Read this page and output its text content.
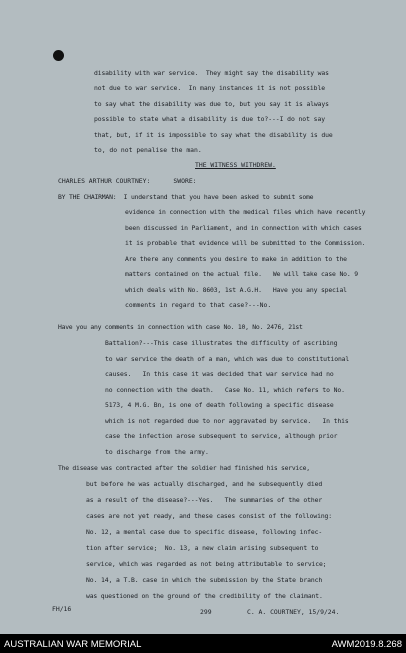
disability with war service.  They might say the disability was
not due to war service.  In many instances it is not possible
to say what the disability was due to, but you say it is always
possible to state what a disability is due to?---I do not say
that, but, if it is impossible to say what the disability is due
to, do not penalise the man.
THE WITNESS WITHDREW.
CHARLES ARTHUR COURTNEY:      SWORE:
BY THE CHAIRMAN:  I understand that you have been asked to submit some
evidence in connection with the medical files which have recently
been discussed in Parliament, and in connection with which cases
it is probable that evidence will be submitted to the Commission.
Are there any comments you desire to make in addition to the
matters contained on the actual file.   We will take case No. 9
which deals with No. 8603, 1st A.G.H.   Have you any special
comments in regard to that case?---No.
Have you any comments in connection with case No. 10, No. 2476, 21st
Battalion?---This case illustrates the difficulty of ascribing
to war service the death of a man, which was due to constitutional
causes.   In this case it was decided that war service had no
no connection with the death.   Case No. 11, which refers to No.
5173, 4 M.G. Bn, is one of death following a specific disease
which is not regarded due to nor aggravated by service.   In this
case the infection arose subsequent to service, although prior
to discharge from the army.
The disease was contracted after the soldier had finished his service,
but before he was actually discharged, and he subsequently died
as a result of the disease?---Yes.   The summaries of the other
cases are not yet ready, and these cases consist of the following:
No. 12, a mental case due to specific disease, following infec-
tion after service;  No. 13, a new claim arising subsequent to
service, which was regarded as not being attributable to service;
No. 14, a T.B. case in which the submission by the State branch
was questioned on the ground of the credibility of the claimant.
FH/16	299	C. A. COURTNEY, 15/9/24.
AUSTRALIAN WAR MEMORIAL	AWM2019.8.268
